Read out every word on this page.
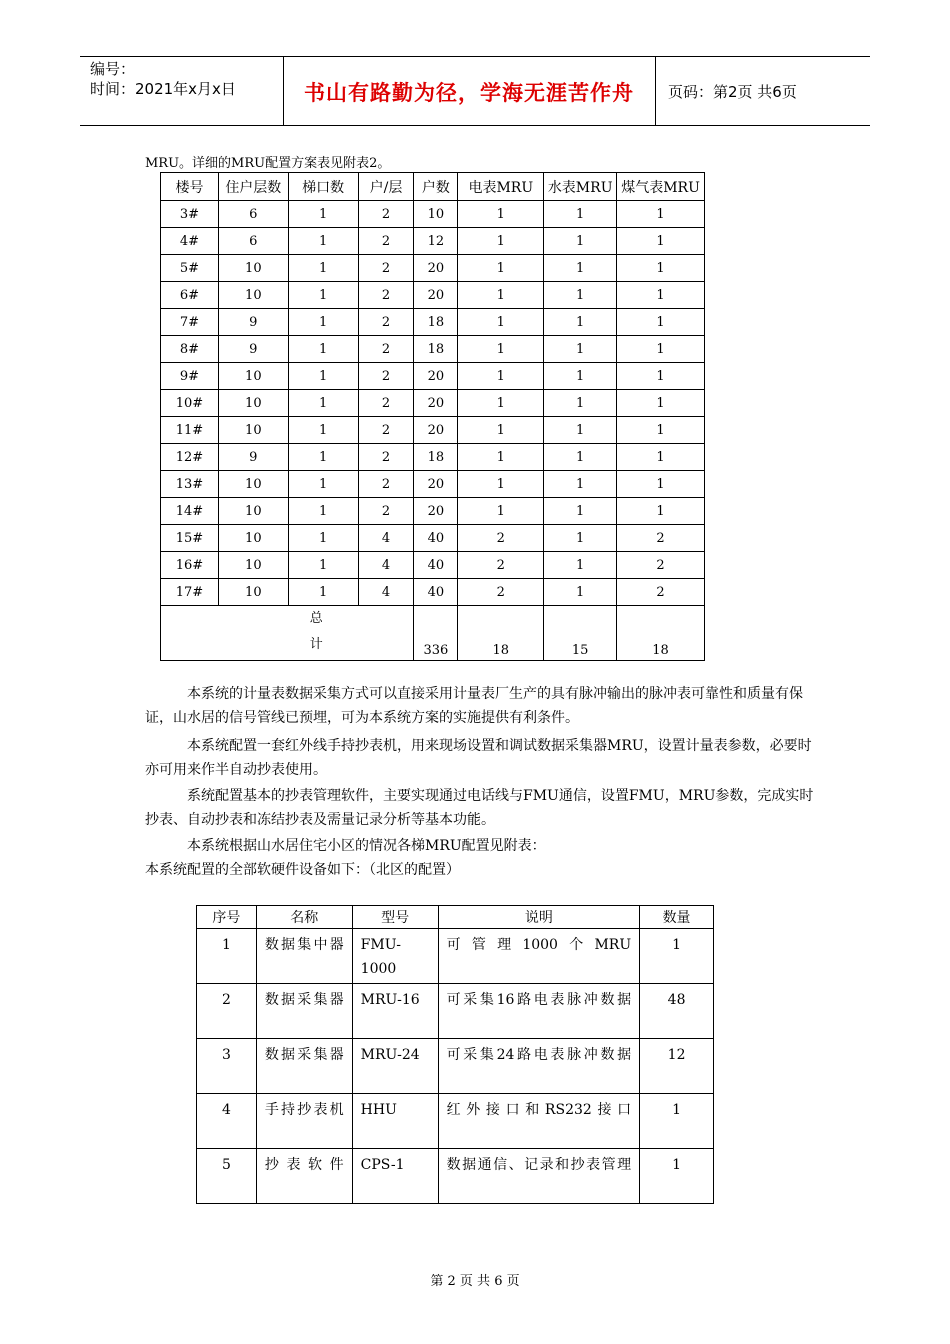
编号：
时间：2021年x月x日	书山有路勤为径，学海无涯苦作舟	页码：第2页 共6页
MRU。详细的MRU配置方案表见附表2。
楼号	住户层数	梯口数	户/层	户数	电表MRU	水表MRU	煤气表MRU
3#	6	1	2	10	1	1	1
4#	6	1	2	12	1	1	1
5#	10	1	2	20	1	1	1
6#	10	1	2	20	1	1	1
7#	9	1	2	18	1	1	1
8#	9	1	2	18	1	1	1
9#	10	1	2	20	1	1	1
10#	10	1	2	20	1	1	1
11#	10	1	2	20	1	1	1
12#	9	1	2	18	1	1	1
13#	10	1	2	20	1	1	1
14#	10	1	2	20	1	1	1
15#	10	1	4	40	2	1	2
16#	10	1	4	40	2	1	2
17#	10	1	4	40	2	1	2

总
计				336	18	15	18
本系统的计量表数据采集方式可以直接采用计量表厂生产的具有脉冲输出的脉冲表可靠性和质量有保证，山水居的信号管线已预埋，可为本系统方案的实施提供有利条件。
本系统配置一套红外线手持抄表机，用来现场设置和调试数据采集器MRU，设置计量表参数，必要时亦可用来作半自动抄表使用。
系统配置基本的抄表管理软件，主要实现通过电话线与FMU通信，设置FMU，MRU参数，完成实时抄表、自动抄表和冻结抄表及需量记录分析等基本功能。
本系统根据山水居住宅小区的情况各梯MRU配置见附表：
本系统配置的全部软硬件设备如下：（北区的配置）
序号	名称	型号	说明	数量
1	数据集中器	FMU-1000	可管理1000个MRU	1
2	数据采集器	MRU-16	可采集16路电表脉冲数据	48
3	数据采集器	MRU-24	可采集24路电表脉冲数据	12
4	手持抄表机	HHU	红外接口和RS232接口	1
5	抄表软件	CPS-1	数据通信、记录和抄表管理	1
第 2 页 共 6 页
